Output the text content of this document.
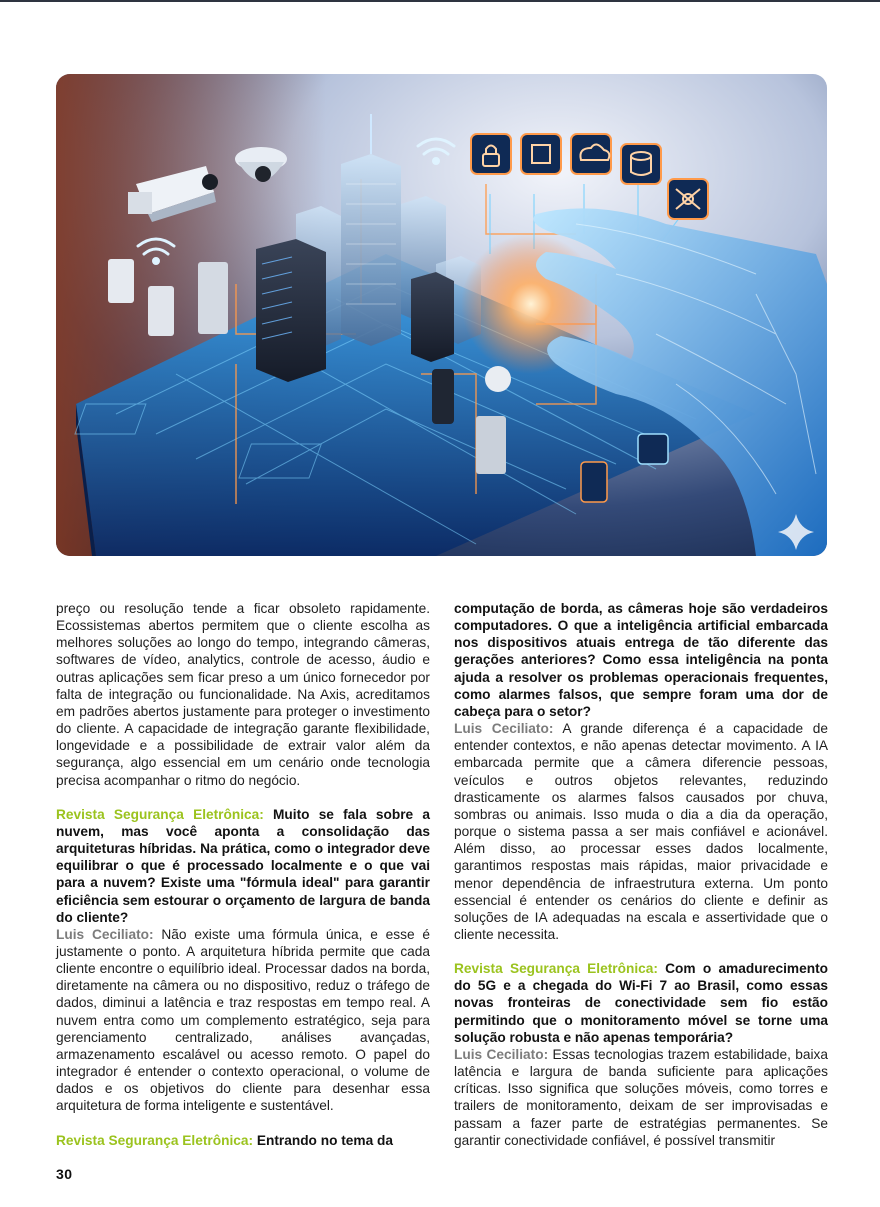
preço ou resolução tende a ficar obsoleto rapidamente. Ecossistemas abertos permitem que o cliente escolha as melhores soluções ao longo do tempo, integrando câmeras, softwares de vídeo, analytics, controle de acesso, áudio e outras aplicações sem ficar preso a um único fornecedor por falta de integração ou funcionalidade. Na Axis, acreditamos em padrões abertos justamente para proteger o investimento do cliente. A capacidade de integração garante flexibilidade, longevidade e a possibilidade de extrair valor além da segurança, algo essencial em um cenário onde tecnologia precisa acompanhar o ritmo do negócio.

Revista Segurança Eletrônica: Muito se fala sobre a nuvem, mas você aponta a consolidação das arquiteturas híbridas. Na prática, como o integrador deve equilibrar o que é processado localmente e o que vai para a nuvem? Existe uma "fórmula ideal" para garantir eficiência sem estourar o orçamento de largura de banda do cliente?

Luis Ceciliato: Não existe uma fórmula única, e esse é justamente o ponto. A arquitetura híbrida permite que cada cliente encontre o equilíbrio ideal. Processar dados na borda, diretamente na câmera ou no dispositivo, reduz o tráfego de dados, diminui a latência e traz respostas em tempo real. A nuvem entra como um complemento estratégico, seja para gerenciamento centralizado, análises avançadas, armazenamento escalável ou acesso remoto. O papel do integrador é entender o contexto operacional, o volume de dados e os objetivos do cliente para desenhar essa arquitetura de forma inteligente e sustentável.

Revista Segurança Eletrônica: Entrando no tema da

computação de borda, as câmeras hoje são verdadeiros computadores. O que a inteligência artificial embarcada nos dispositivos atuais entrega de tão diferente das gerações anteriores? Como essa inteligência na ponta ajuda a resolver os problemas operacionais frequentes, como alarmes falsos, que sempre foram uma dor de cabeça para o setor?

Luis Ceciliato: A grande diferença é a capacidade de entender contextos, e não apenas detectar movimento. A IA embarcada permite que a câmera diferencie pessoas, veículos e outros objetos relevantes, reduzindo drasticamente os alarmes falsos causados por chuva, sombras ou animais. Isso muda o dia a dia da operação, porque o sistema passa a ser mais confiável e acionável. Além disso, ao processar esses dados localmente, garantimos respostas mais rápidas, maior privacidade e menor dependência de infraestrutura externa. Um ponto essencial é entender os cenários do cliente e definir as soluções de IA adequadas na escala e assertividade que o cliente necessita.

Revista Segurança Eletrônica: Com o amadurecimento do 5G e a chegada do Wi-Fi 7 ao Brasil, como essas novas fronteiras de conectividade sem fio estão permitindo que o monitoramento móvel se torne uma solução robusta e não apenas temporária?

Luis Ceciliato: Essas tecnologias trazem estabilidade, baixa latência e largura de banda suficiente para aplicações críticas. Isso significa que soluções móveis, como torres e trailers de monitoramento, deixam de ser improvisadas e passam a fazer parte de estratégias permanentes. Se garantir conectividade confiável, é possível transmitir

30
